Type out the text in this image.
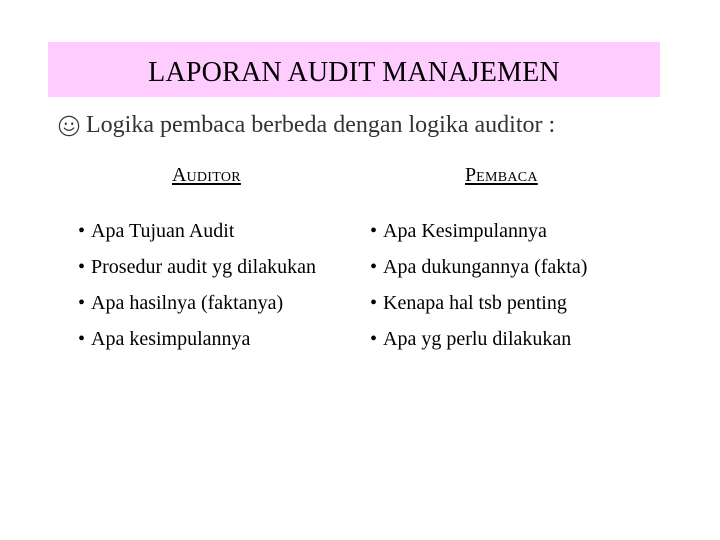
LAPORAN AUDIT MANAJEMEN
Logika pembaca berbeda dengan logika auditor :
AUDITOR	PEMBACA
• Apa Tujuan Audit
• Prosedur audit yg dilakukan
• Apa hasilnya (faktanya)
• Apa kesimpulannya
• Apa Kesimpulannya
• Apa dukungannya (fakta)
• Kenapa hal tsb penting
• Apa yg perlu dilakukan
